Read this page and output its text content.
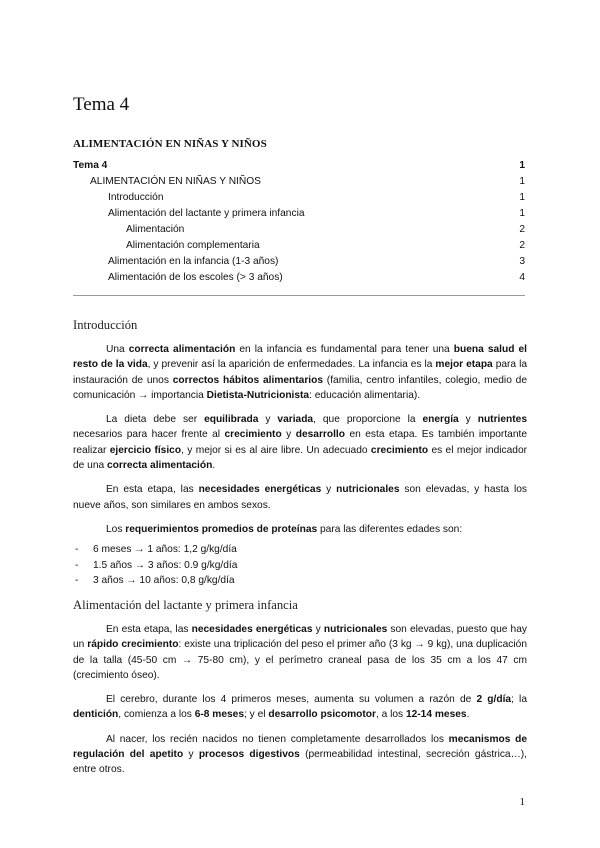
Tema 4
ALIMENTACIÓN EN NIÑAS Y NIÑOS
Tema 4	1
ALIMENTACIÓN EN NIÑAS Y NIÑOS	1
Introducción	1
Alimentación del lactante y primera infancia	1
Alimentación	2
Alimentación complementaria	2
Alimentación en la infancia (1-3 años)	3
Alimentación de los escoles (> 3 años)	4
Introducción

Una correcta alimentación en la infancia es fundamental para tener una buena salud el resto de la vida, y prevenir así la aparición de enfermedades. La infancia es la mejor etapa para la instauración de unos correctos hábitos alimentarios (familia, centro infantiles, colegio, medio de comunicación → importancia Dietista-Nutricionista: educación alimentaria).

La dieta debe ser equilibrada y variada, que proporcione la energía y nutrientes necesarios para hacer frente al crecimiento y desarrollo en esta etapa. Es también importante realizar ejercicio físico, y mejor si es al aire libre. Un adecuado crecimiento es el mejor indicador de una correcta alimentación.

En esta etapa, las necesidades energéticas y nutricionales son elevadas, y hasta los nueve años, son similares en ambos sexos.

Los requerimientos promedios de proteínas para las diferentes edades son:

- 6 meses → 1 años: 1,2 g/kg/día
- 1.5 años → 3 años: 0.9 g/kg/día
- 3 años → 10 años: 0,8 g/kg/día
Alimentación del lactante y primera infancia

En esta etapa, las necesidades energéticas y nutricionales son elevadas, puesto que hay un rápido crecimiento: existe una triplicación del peso el primer año (3 kg → 9 kg), una duplicación de la talla (45-50 cm → 75-80 cm), y el perímetro craneal pasa de los 35 cm a los 47 cm (crecimiento óseo).

El cerebro, durante los 4 primeros meses, aumenta su volumen a razón de 2 g/día; la dentición, comienza a los 6-8 meses; y el desarrollo psicomotor, a los 12-14 meses.

Al nacer, los recién nacidos no tienen completamente desarrollados los mecanismos de regulación del apetito y procesos digestivos (permeabilidad intestinal, secreción gástrica…), entre otros.

1
